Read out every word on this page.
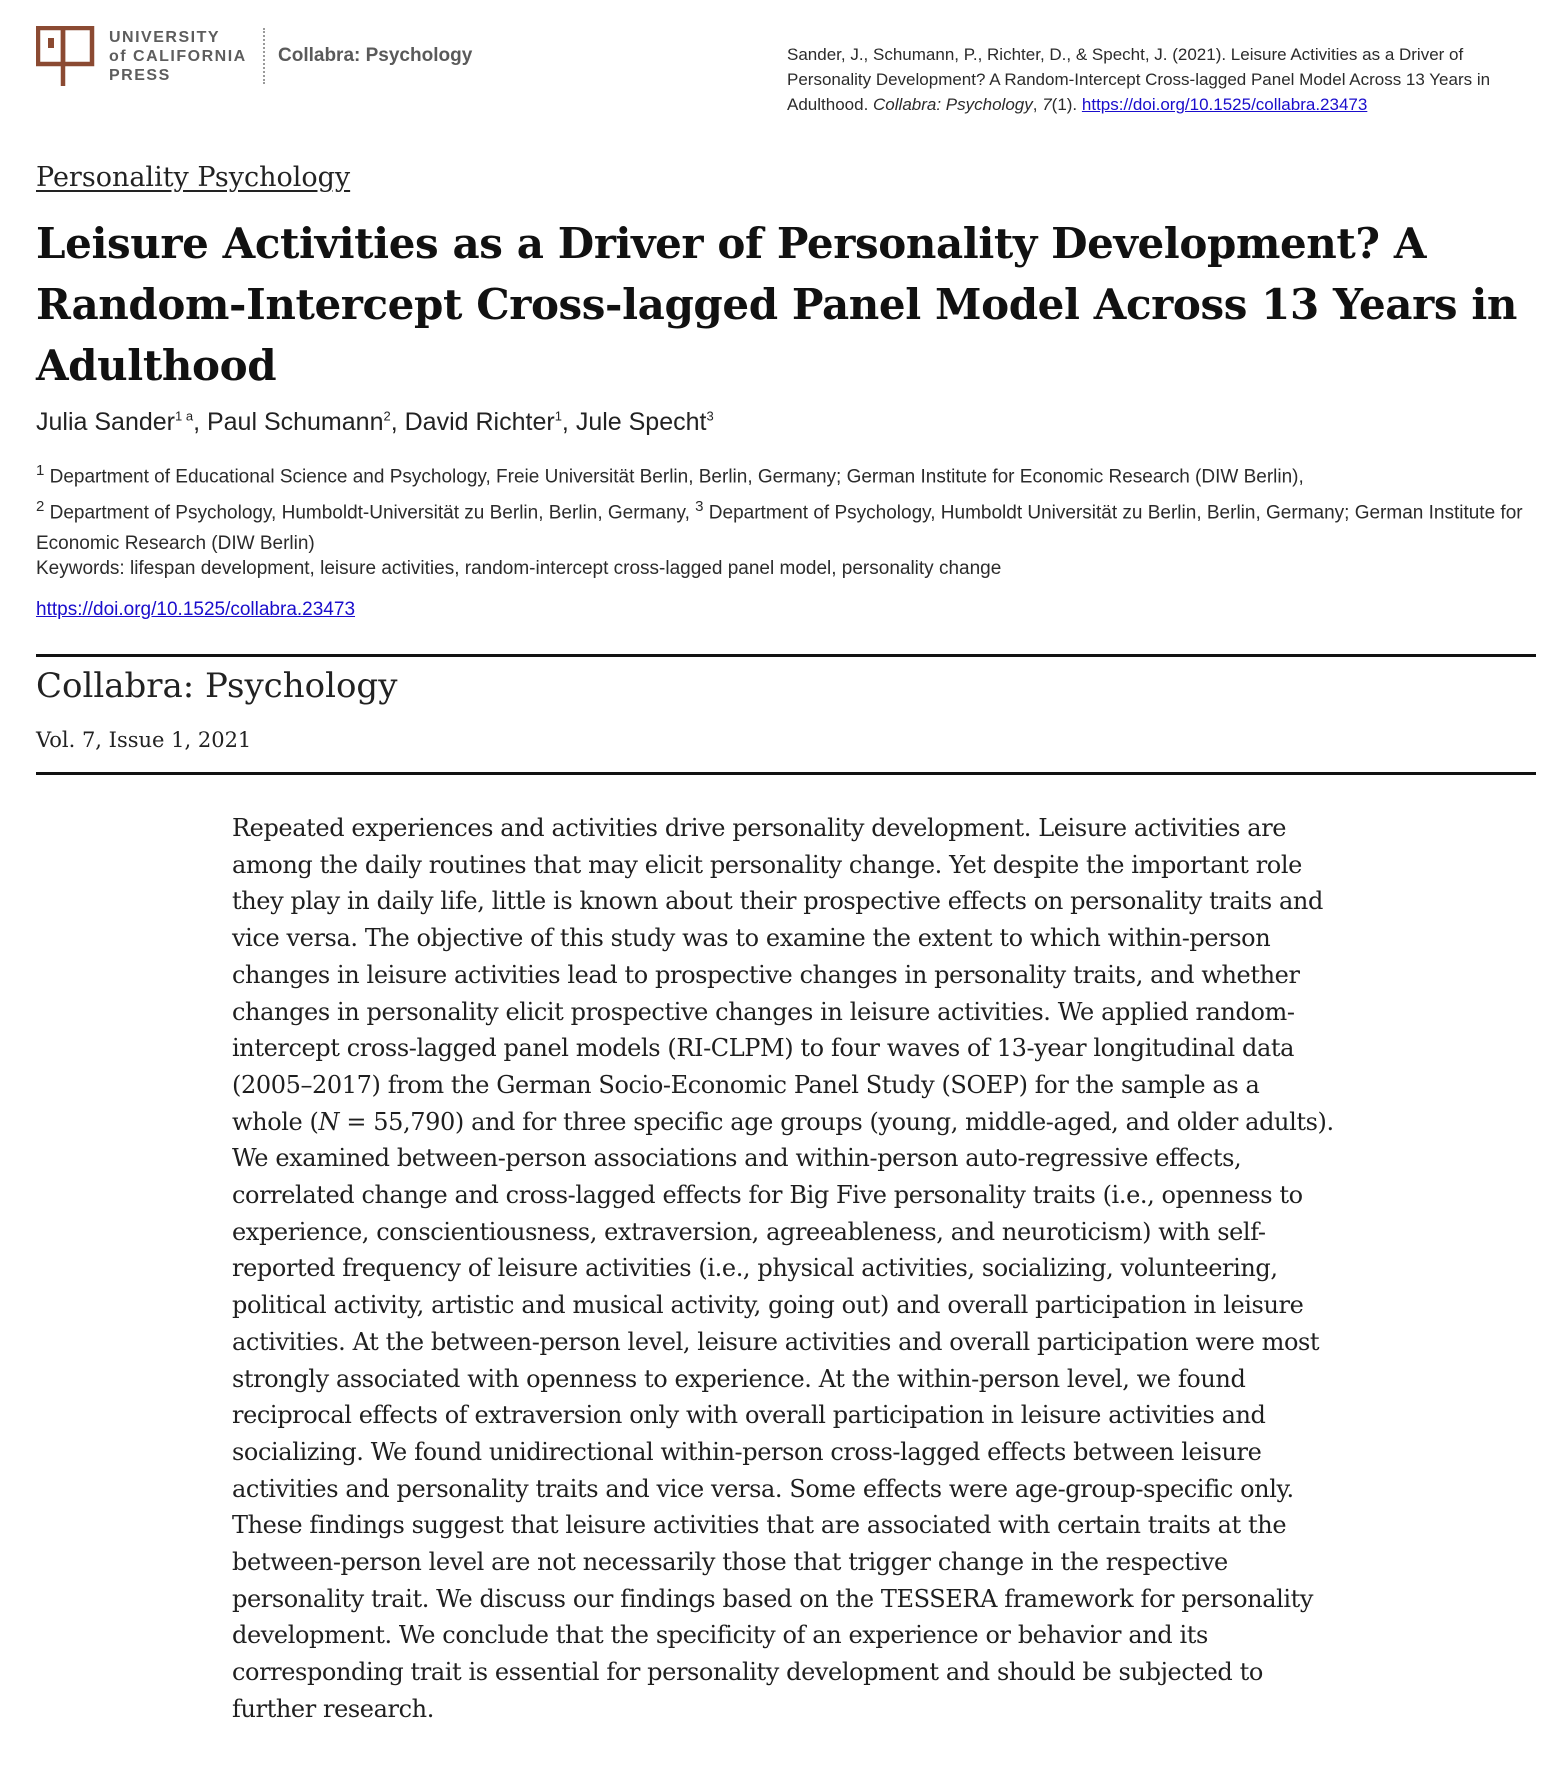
UNIVERSITY
of CALIFORNIA
PRESS
Collabra: Psychology	Sander, J., Schumann, P., Richter, D., & Specht, J. (2021). Leisure Activities as a Driver of Personality Development? A Random-Intercept Cross-lagged Panel Model Across 13 Years in Adulthood. Collabra: Psychology, 7(1). https://doi.org/10.1525/collabra.23473
Personality Psychology
Leisure Activities as a Driver of Personality Development? A Random-Intercept Cross-lagged Panel Model Across 13 Years in Adulthood
Julia Sander$^{1 a}$, Paul Schumann$^2$, David Richter$^1$, Jule Specht$^3$
$^1$ Department of Educational Science and Psychology, Freie Universität Berlin, Berlin, Germany; German Institute for Economic Research (DIW Berlin),
$^2$ Department of Psychology, Humboldt-Universität zu Berlin, Berlin, Germany, $^3$ Department of Psychology, Humboldt Universität zu Berlin, Berlin, Germany; German Institute for Economic Research (DIW Berlin)
Keywords: lifespan development, leisure activities, random-intercept cross-lagged panel model, personality change
https://doi.org/10.1525/collabra.23473
Collabra: Psychology
Vol. 7, Issue 1, 2021

Repeated experiences and activities drive personality development. Leisure activities are among the daily routines that may elicit personality change. Yet despite the important role they play in daily life, little is known about their prospective effects on personality traits and vice versa. The objective of this study was to examine the extent to which within-person changes in leisure activities lead to prospective changes in personality traits, and whether changes in personality elicit prospective changes in leisure activities. We applied random-intercept cross-lagged panel models (RI-CLPM) to four waves of 13-year longitudinal data (2005–2017) from the German Socio-Economic Panel Study (SOEP) for the sample as a whole (N = 55,790) and for three specific age groups (young, middle-aged, and older adults). We examined between-person associations and within-person auto-regressive effects, correlated change and cross-lagged effects for Big Five personality traits (i.e., openness to experience, conscientiousness, extraversion, agreeableness, and neuroticism) with self-reported frequency of leisure activities (i.e., physical activities, socializing, volunteering, political activity, artistic and musical activity, going out) and overall participation in leisure activities. At the between-person level, leisure activities and overall participation were most strongly associated with openness to experience. At the within-person level, we found reciprocal effects of extraversion only with overall participation in leisure activities and socializing. We found unidirectional within-person cross-lagged effects between leisure activities and personality traits and vice versa. Some effects were age-group-specific only. These findings suggest that leisure activities that are associated with certain traits at the between-person level are not necessarily those that trigger change in the respective personality trait. We discuss our findings based on the TESSERA framework for personality development. We conclude that the specificity of an experience or behavior and its corresponding trait is essential for personality development and should be subjected to further research.
